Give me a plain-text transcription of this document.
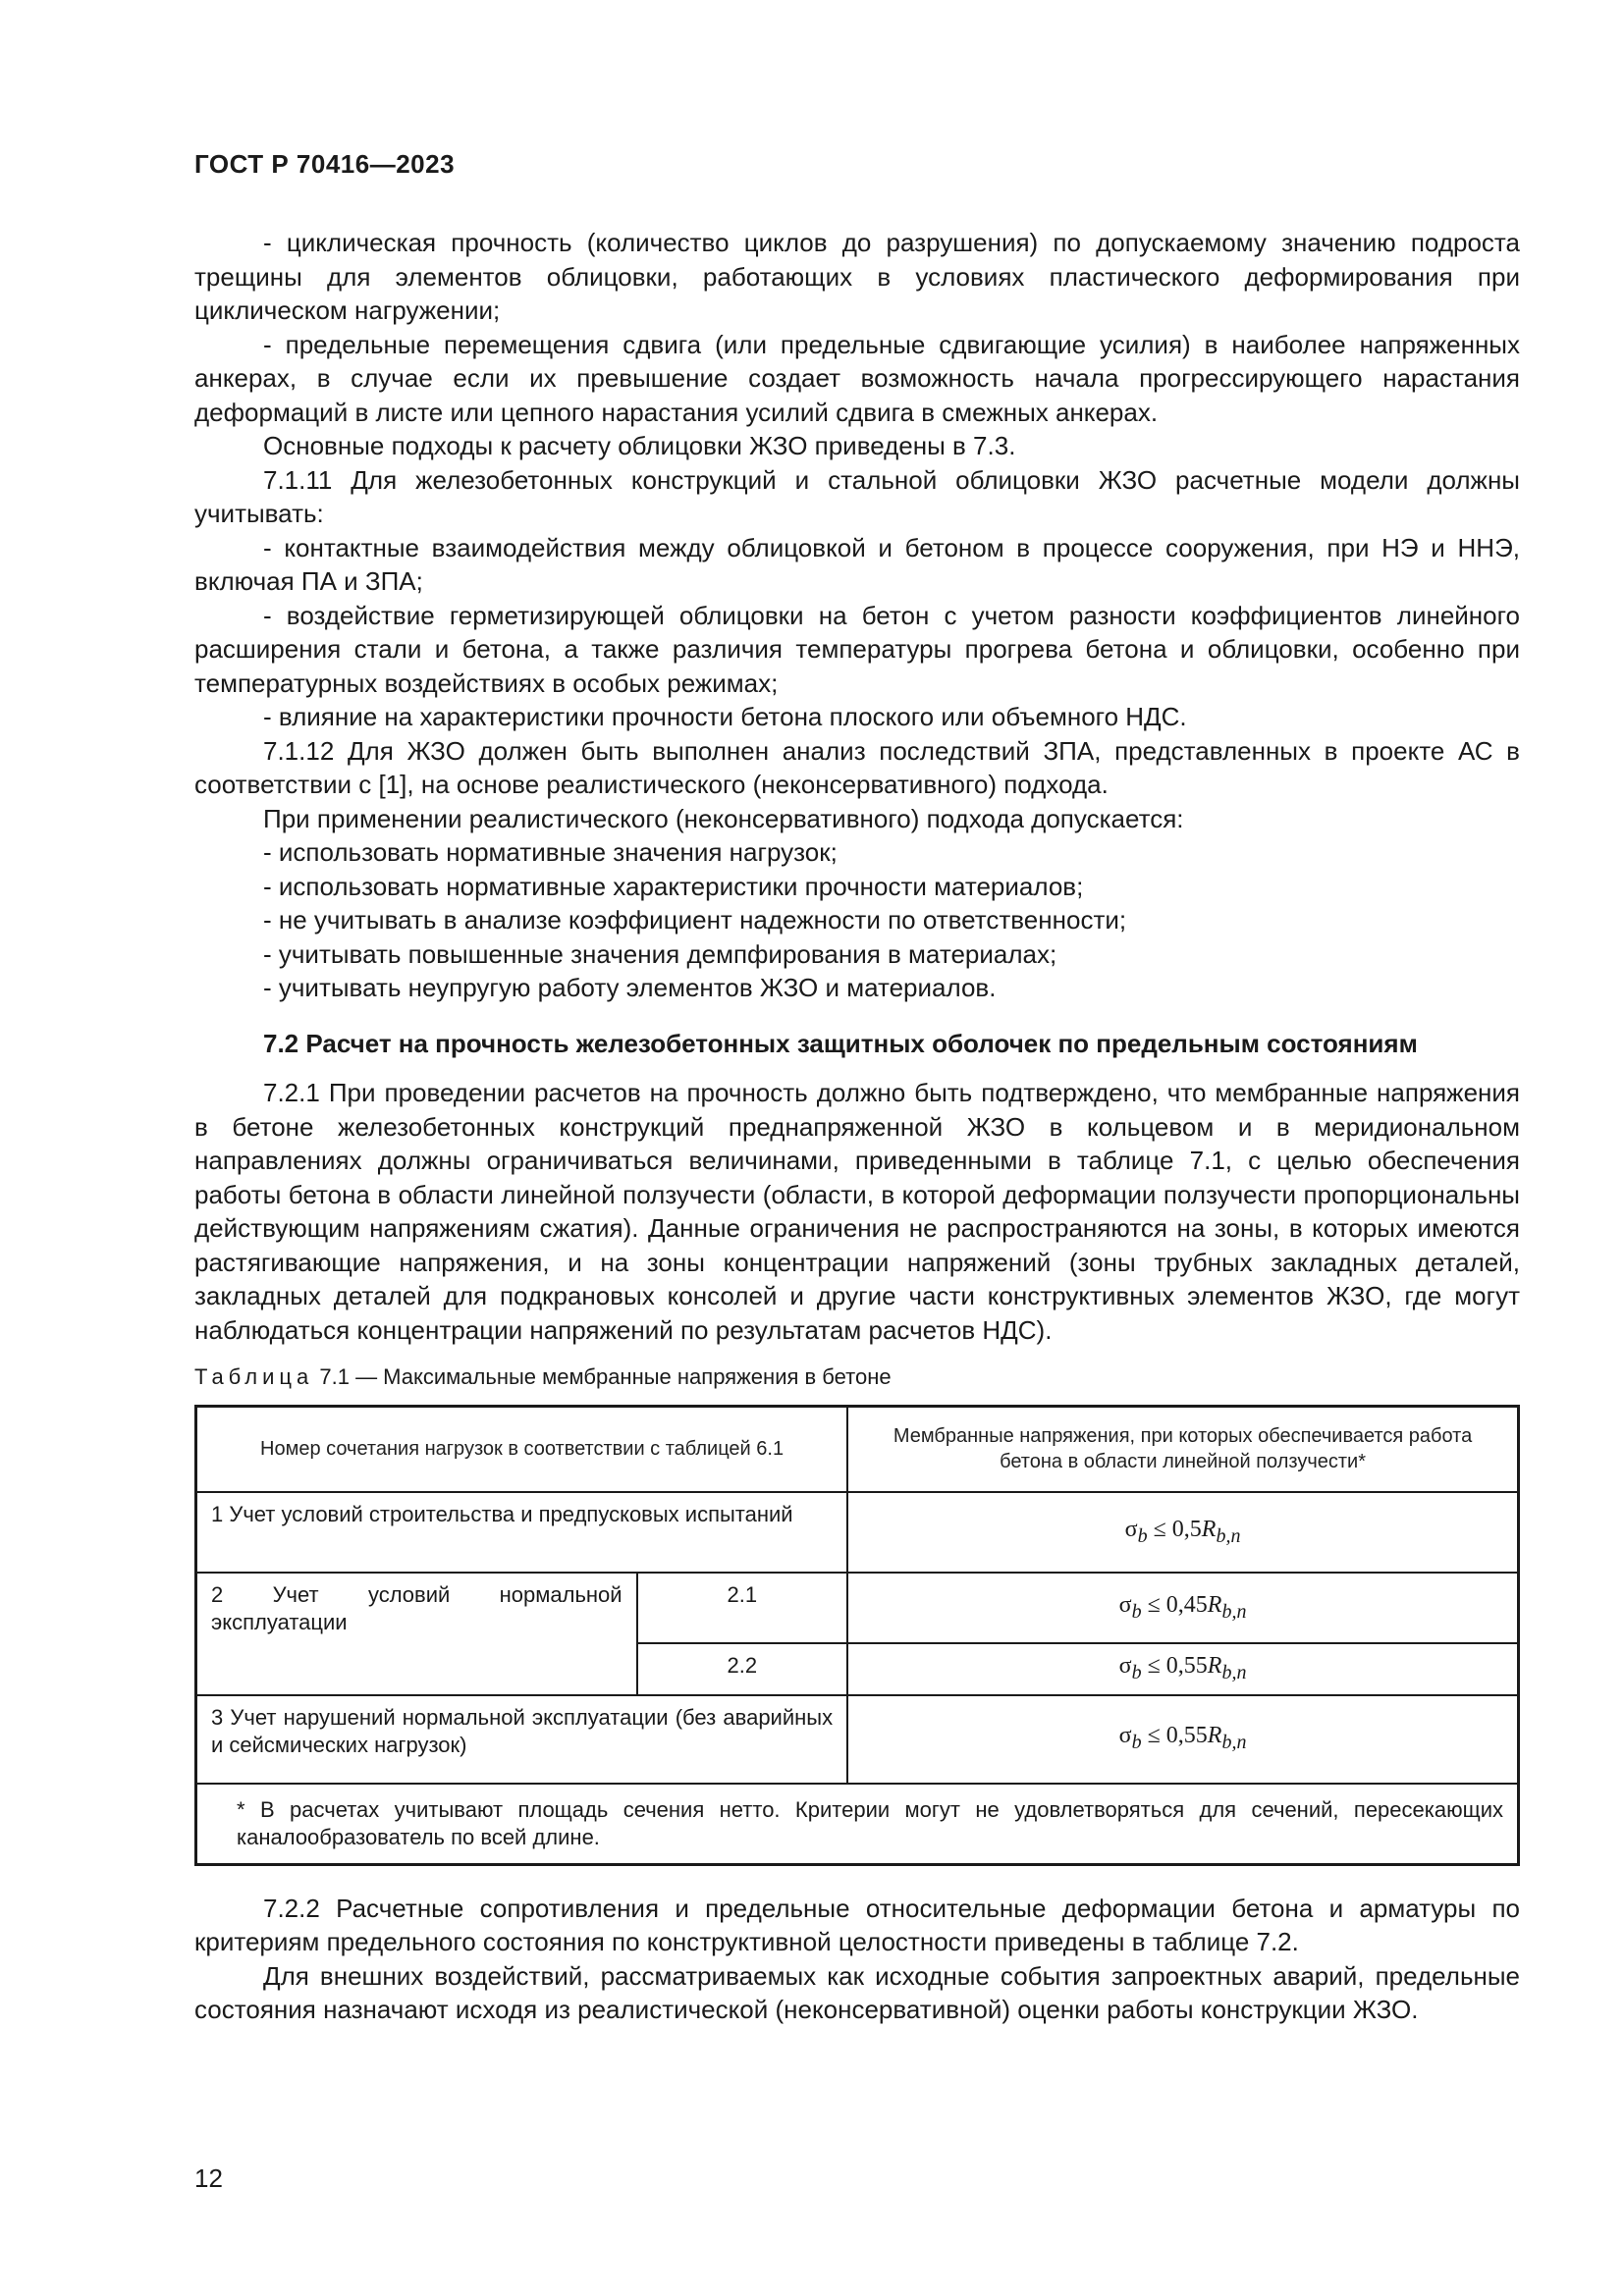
ГОСТ Р 70416—2023

- циклическая прочность (количество циклов до разрушения) по допускаемому значению подроста трещины для элементов облицовки, работающих в условиях пластического деформирования при циклическом нагружении;

- предельные перемещения сдвига (или предельные сдвигающие усилия) в наиболее напряженных анкерах, в случае если их превышение создает возможность начала прогрессирующего нарастания деформаций в листе или цепного нарастания усилий сдвига в смежных анкерах.

Основные подходы к расчету облицовки ЖЗО приведены в 7.3.

7.1.11 Для железобетонных конструкций и стальной облицовки ЖЗО расчетные модели должны учитывать:

- контактные взаимодействия между облицовкой и бетоном в процессе сооружения, при НЭ и ННЭ, включая ПА и ЗПА;

- воздействие герметизирующей облицовки на бетон с учетом разности коэффициентов линейного расширения стали и бетона, а также различия температуры прогрева бетона и облицовки, особенно при температурных воздействиях в особых режимах;

- влияние на характеристики прочности бетона плоского или объемного НДС.

7.1.12 Для ЖЗО должен быть выполнен анализ последствий ЗПА, представленных в проекте АС в соответствии с [1], на основе реалистического (неконсервативного) подхода.

При применении реалистического (неконсервативного) подхода допускается:

- использовать нормативные значения нагрузок;

- использовать нормативные характеристики прочности материалов;

- не учитывать в анализе коэффициент надежности по ответственности;

- учитывать повышенные значения демпфирования в материалах;

- учитывать неупругую работу элементов ЖЗО и материалов.

7.2 Расчет на прочность железобетонных защитных оболочек по предельным состояниям

7.2.1 При проведении расчетов на прочность должно быть подтверждено, что мембранные напряжения в бетоне железобетонных конструкций преднапряженной ЖЗО в кольцевом и в меридиональном направлениях должны ограничиваться величинами, приведенными в таблице 7.1, с целью обеспечения работы бетона в области линейной ползучести (области, в которой деформации ползучести пропорциональны действующим напряжениям сжатия). Данные ограничения не распространяются на зоны, в которых имеются растягивающие напряжения, и на зоны концентрации напряжений (зоны трубных закладных деталей, закладных деталей для подкрановых консолей и другие части конструктивных элементов ЖЗО, где могут наблюдаться концентрации напряжений по результатам расчетов НДС).

Таблица 7.1 — Максимальные мембранные напряжения в бетоне

Номер сочетания нагрузок в соответствии с таблицей 6.1		Мембранные напряжения, при которых обеспечивается работа бетона в области линейной ползучести*
1 Учет условий строительства и предпусковых испытаний		$\sigma_b \le 0,5R_{b,n}$
2 Учет условий нормальной эксплуатации	2.1	$\sigma_b \le 0,45R_{b,n}$
	2.2	$\sigma_b \le 0,55R_{b,n}$
3 Учет нарушений нормальной эксплуатации (без аварийных и сейсмических нагрузок)		$\sigma_b \le 0,55R_{b,n}$
* В расчетах учитывают площадь сечения нетто. Критерии могут не удовлетворяться для сечений, пересекающих каналообразователь по всей длине.		

7.2.2 Расчетные сопротивления и предельные относительные деформации бетона и арматуры по критериям предельного состояния по конструктивной целостности приведены в таблице 7.2.

Для внешних воздействий, рассматриваемых как исходные события запроектных аварий, предельные состояния назначают исходя из реалистической (неконсервативной) оценки работы конструкции ЖЗО.

12
